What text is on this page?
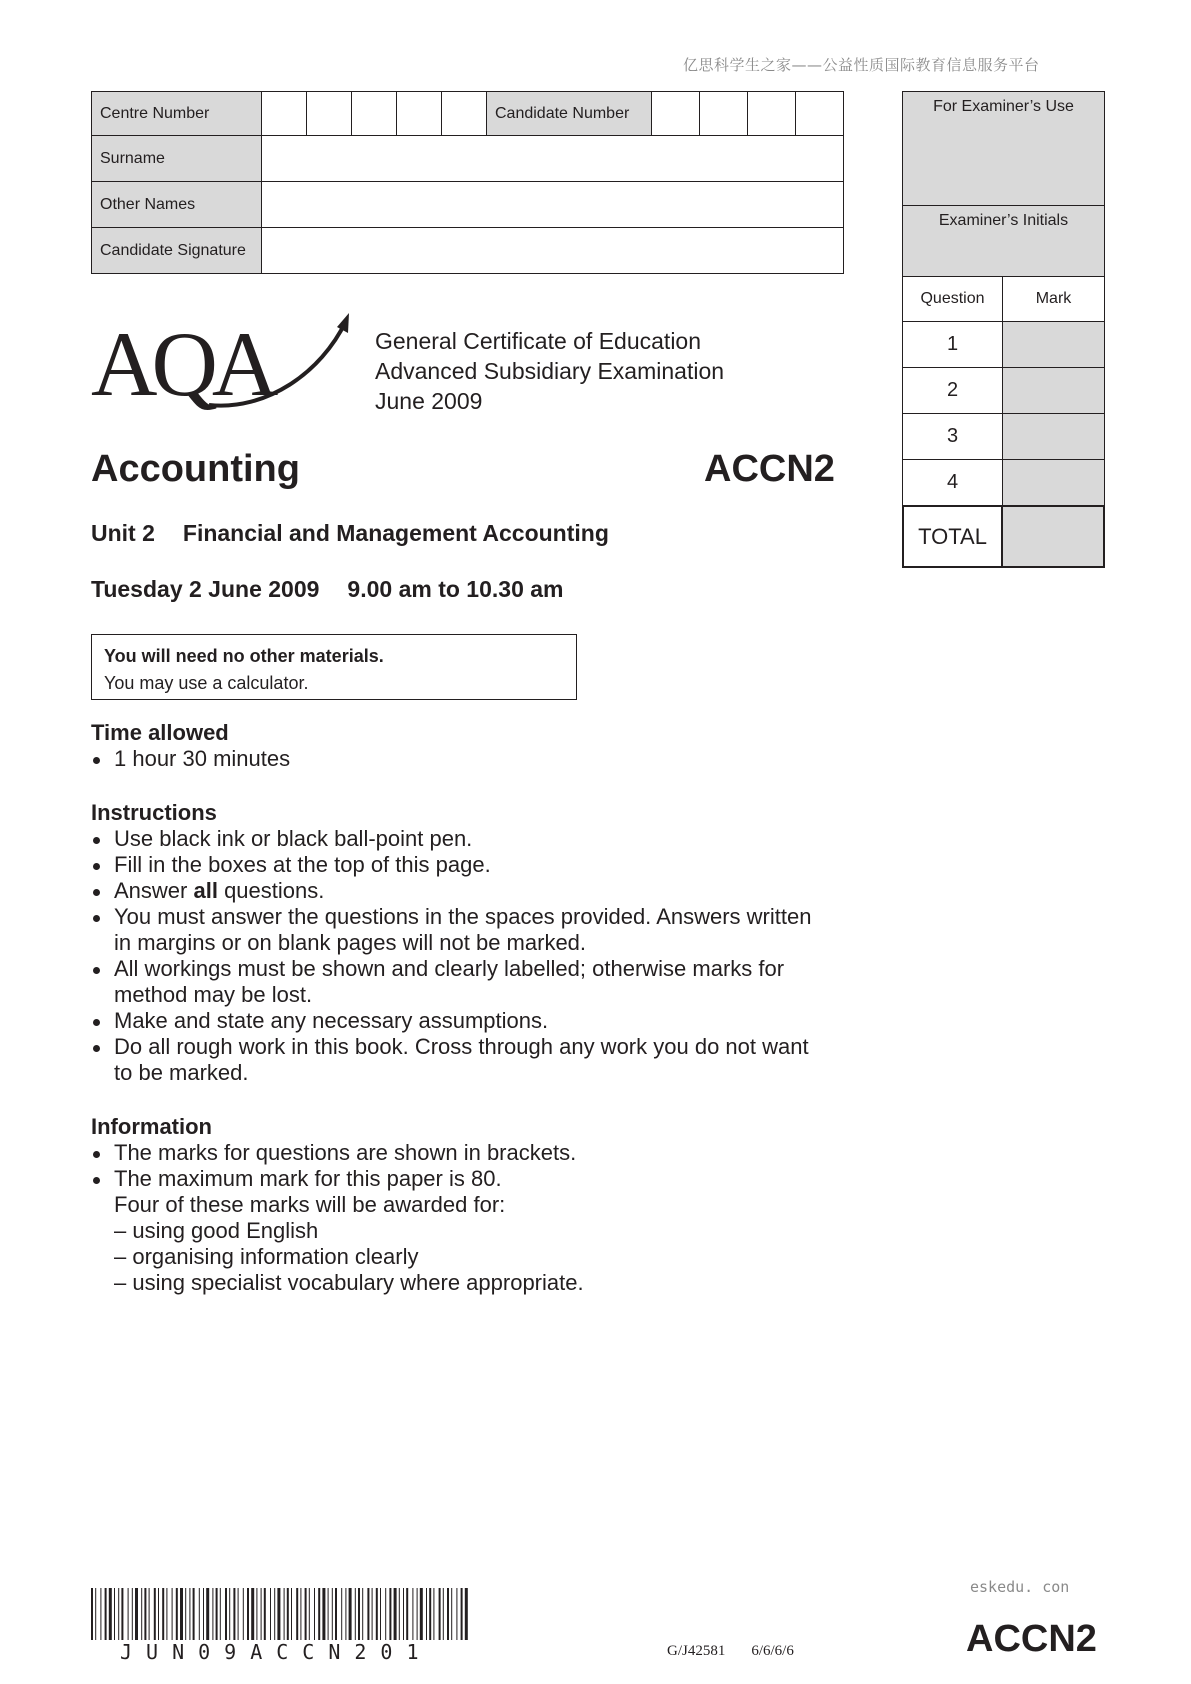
亿思科学生之家——公益性质国际教育信息服务平台
Centre Number	Candidate Number
Surname
Other Names
Candidate Signature
For Examiner’s Use
Examiner’s Initials
Question	Mark
1
2
3
4
TOTAL
AQA	General Certificate of Education
Advanced Subsidiary Examination
June 2009
Accounting	ACCN2
Unit 2 Financial and Management Accounting
Tuesday 2 June 2009 9.00 am to 10.30 am
You will need no other materials.
You may use a calculator.
Time allowed
1 hour 30 minutes
Instructions
Use black ink or black ball-point pen.
Fill in the boxes at the top of this page.
Answer all questions.
You must answer the questions in the spaces provided. Answers written
in margins or on blank pages will not be marked.
All workings must be shown and clearly labelled; otherwise marks for
method may be lost.
Make and state any necessary assumptions.
Do all rough work in this book. Cross through any work you do not want
to be marked.
Information
The marks for questions are shown in brackets.
The maximum mark for this paper is 80.
Four of these marks will be awarded for:
– using good English
– organising information clearly
– using specialist vocabulary where appropriate.
JUN09ACCN201	G/J42581 6/6/6/6
eskedu. con
ACCN2
